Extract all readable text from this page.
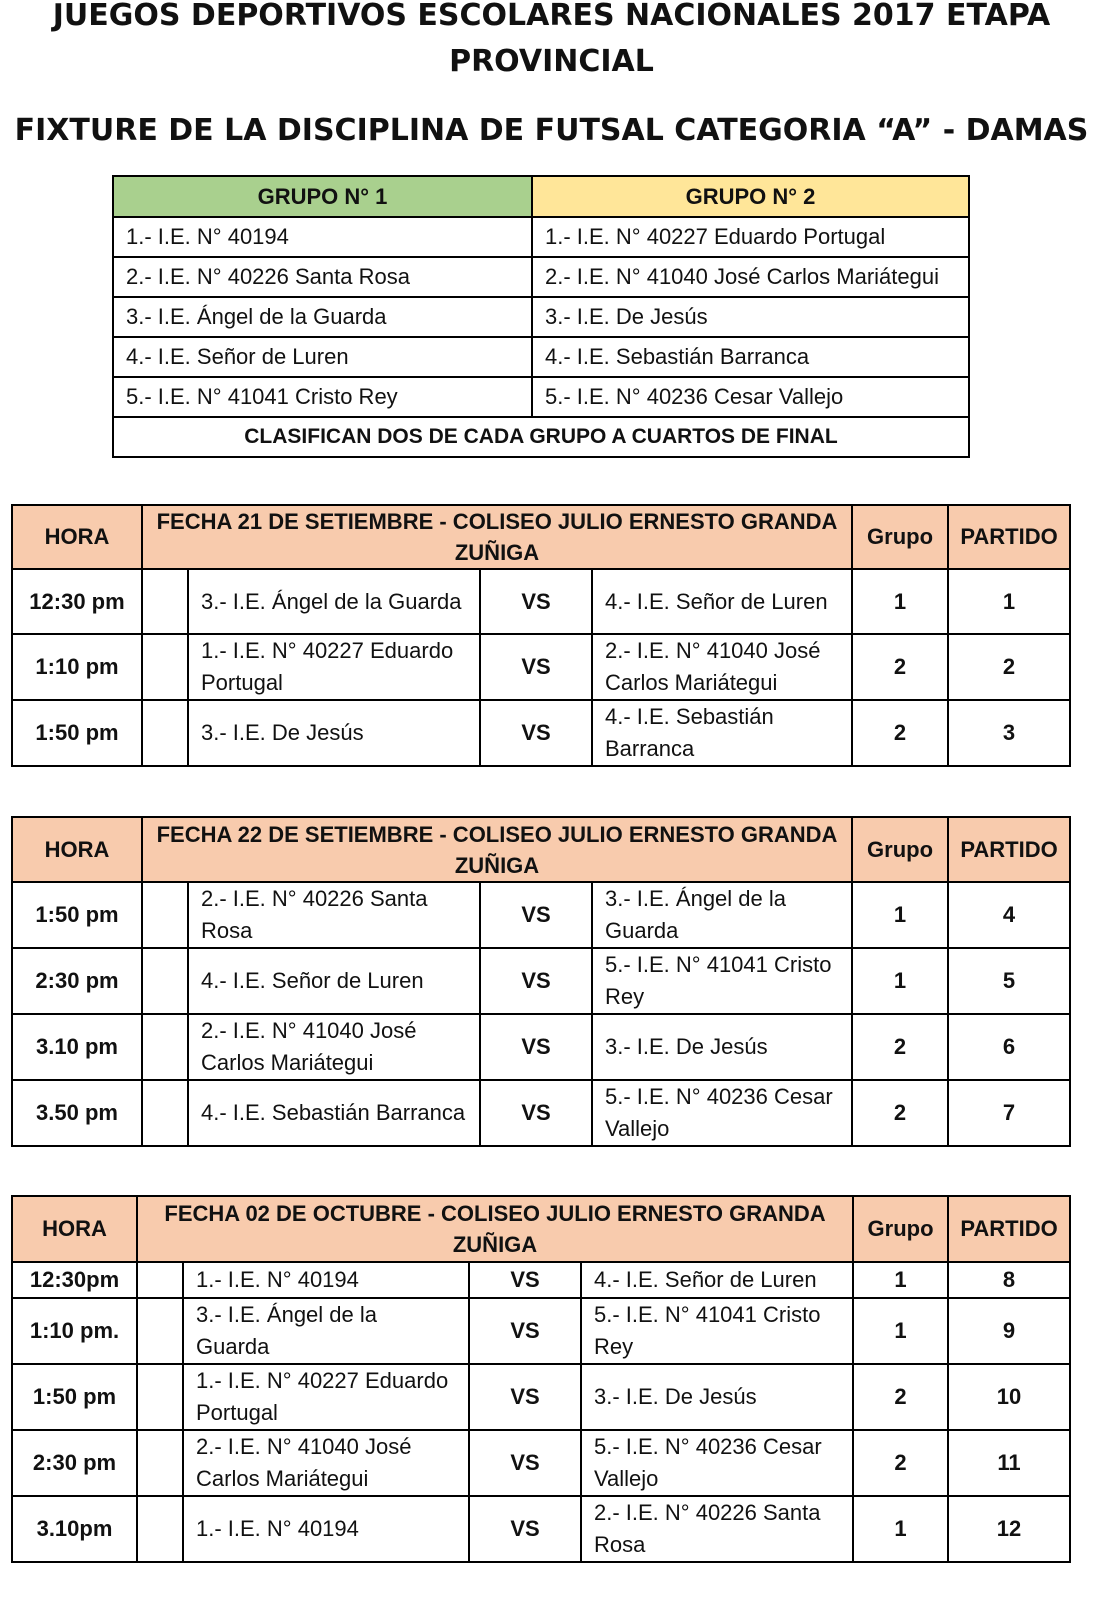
JUEGOS DEPORTIVOS ESCOLARES NACIONALES 2017 ETAPA
PROVINCIAL
FIXTURE DE LA DISCIPLINA DE FUTSAL CATEGORIA “A” - DAMAS
GRUPO N° 1	GRUPO N° 2
1.- I.E. N° 40194	1.- I.E. N° 40227 Eduardo Portugal
2.- I.E. N° 40226 Santa Rosa	2.- I.E. N° 41040 José Carlos Mariátegui
3.- I.E. Ángel de la Guarda	3.- I.E. De Jesús
4.- I.E. Señor de Luren	4.- I.E. Sebastián Barranca
5.- I.E. N° 41041 Cristo Rey	5.- I.E. N° 40236 Cesar Vallejo
CLASIFICAN DOS DE CADA GRUPO A CUARTOS DE FINAL	
HORA	FECHA 21 DE SETIEMBRE - COLISEO JULIO ERNESTO GRANDA ZUÑIGA				Grupo	PARTIDO
12:30 pm		3.- I.E. Ángel de la Guarda	VS	4.- I.E. Señor de Luren	1	1
1:10 pm		1.- I.E. N° 40227 Eduardo Portugal	VS	2.- I.E. N° 41040 José Carlos Mariátegui	2	2
1:50 pm		3.- I.E. De Jesús	VS	4.- I.E. Sebastián Barranca	2	3
HORA	FECHA 22 DE SETIEMBRE - COLISEO JULIO ERNESTO GRANDA ZUÑIGA				Grupo	PARTIDO
1:50 pm		2.- I.E. N° 40226 Santa Rosa	VS	3.- I.E. Ángel de la Guarda	1	4
2:30 pm		4.- I.E. Señor de Luren	VS	5.- I.E. N° 41041 Cristo Rey	1	5
3.10 pm		2.- I.E. N° 41040 José Carlos Mariátegui	VS	3.- I.E. De Jesús	2	6
3.50 pm		4.- I.E. Sebastián Barranca	VS	5.- I.E. N° 40236 Cesar Vallejo	2	7
HORA	FECHA 02 DE OCTUBRE - COLISEO JULIO ERNESTO GRANDA ZUÑIGA				Grupo	PARTIDO
12:30pm		1.- I.E. N° 40194	VS	4.- I.E. Señor de Luren	1	8
1:10 pm.		3.- I.E. Ángel de la Guarda	VS	5.- I.E. N° 41041 Cristo Rey	1	9
1:50 pm		1.- I.E. N° 40227 Eduardo Portugal	VS	3.- I.E. De Jesús	2	10
2:30 pm		2.- I.E. N° 41040 José Carlos Mariátegui	VS	5.- I.E. N° 40236 Cesar Vallejo	2	11
3.10pm		1.- I.E. N° 40194	VS	2.- I.E. N° 40226 Santa Rosa	1	12
